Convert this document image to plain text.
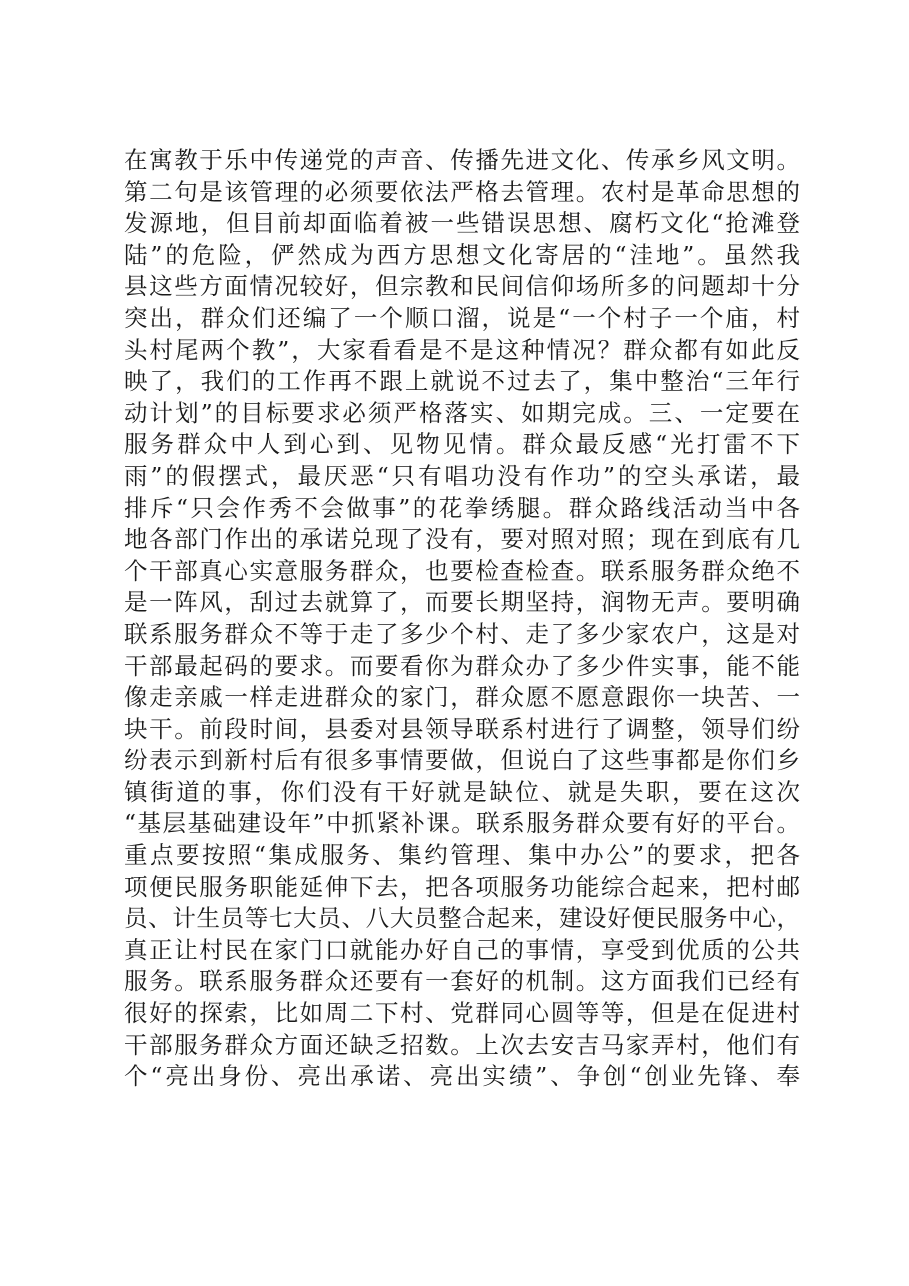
在寓教于乐中传递党的声音、传播先进文化、传承乡风文明。
第二句是该管理的必须要依法严格去管理。农村是革命思想的
发源地，但目前却面临着被一些错误思想、腐朽文化“抢滩登
陆”的危险，俨然成为西方思想文化寄居的“洼地”。虽然我
县这些方面情况较好，但宗教和民间信仰场所多的问题却十分
突出，群众们还编了一个顺口溜，说是“一个村子一个庙，村
头村尾两个教”，大家看看是不是这种情况？群众都有如此反
映了，我们的工作再不跟上就说不过去了，集中整治“三年行
动计划”的目标要求必须严格落实、如期完成。三、一定要在
服务群众中人到心到、见物见情。群众最反感“光打雷不下
雨”的假摆式，最厌恶“只有唱功没有作功”的空头承诺，最
排斥“只会作秀不会做事”的花拳绣腿。群众路线活动当中各
地各部门作出的承诺兑现了没有，要对照对照；现在到底有几
个干部真心实意服务群众，也要检查检查。联系服务群众绝不
是一阵风，刮过去就算了，而要长期坚持，润物无声。要明确
联系服务群众不等于走了多少个村、走了多少家农户，这是对
干部最起码的要求。而要看你为群众办了多少件实事，能不能
像走亲戚一样走进群众的家门，群众愿不愿意跟你一块苦、一
块干。前段时间，县委对县领导联系村进行了调整，领导们纷
纷表示到新村后有很多事情要做，但说白了这些事都是你们乡
镇街道的事，你们没有干好就是缺位、就是失职，要在这次
“基层基础建设年”中抓紧补课。联系服务群众要有好的平台。
重点要按照“集成服务、集约管理、集中办公”的要求，把各
项便民服务职能延伸下去，把各项服务功能综合起来，把村邮
员、计生员等七大员、八大员整合起来，建设好便民服务中心，
真正让村民在家门口就能办好自己的事情，享受到优质的公共
服务。联系服务群众还要有一套好的机制。这方面我们已经有
很好的探索，比如周二下村、党群同心圆等等，但是在促进村
干部服务群众方面还缺乏招数。上次去安吉马家弄村，他们有
个“亮出身份、亮出承诺、亮出实绩”、争创“创业先锋、奉
